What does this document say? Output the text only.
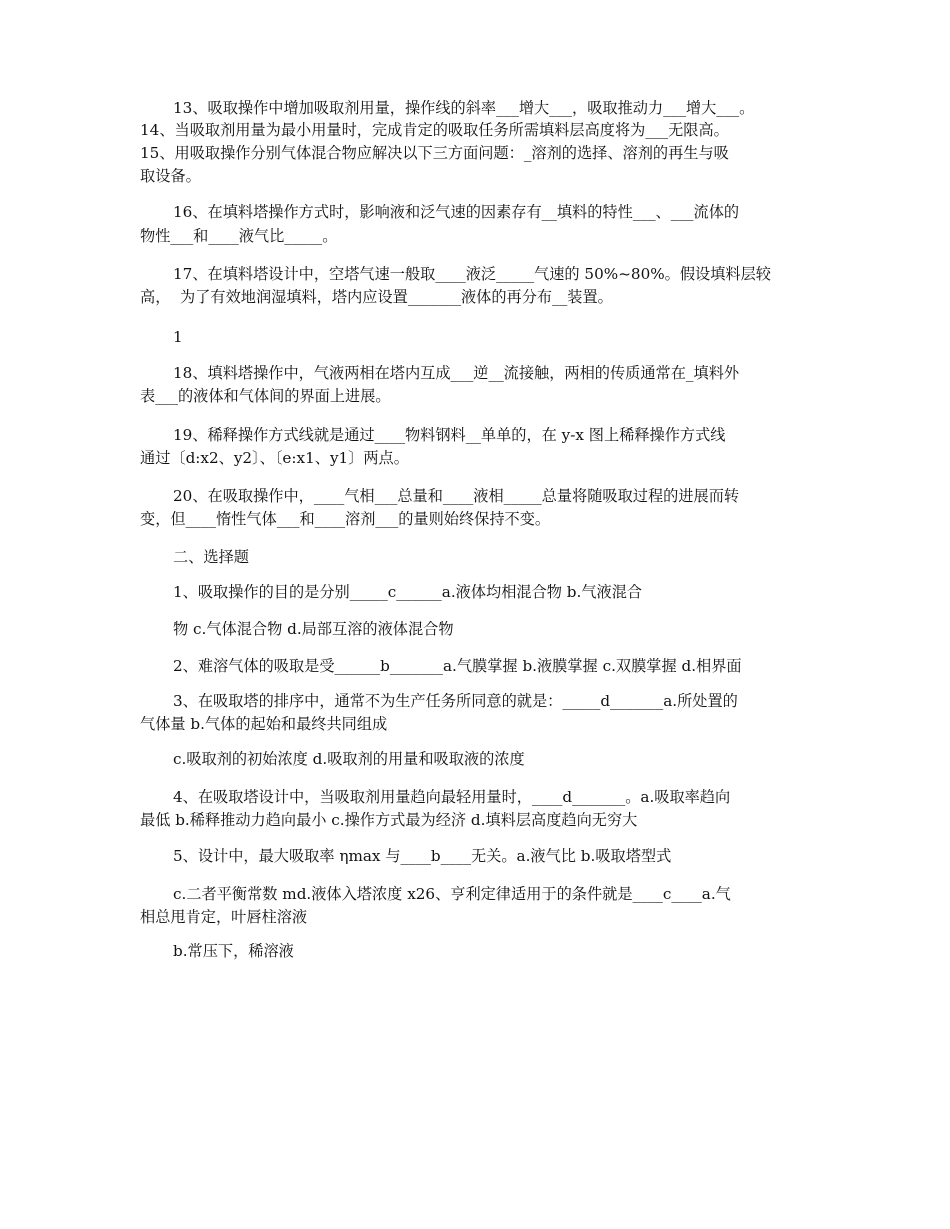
13、吸取操作中增加吸取剂用量，操作线的斜率___增大___，吸取推动力___增大___。
14、当吸取剂用量为最小用量时，完成肯定的吸取任务所需填料层高度将为___无限高。
15、用吸取操作分别气体混合物应解决以下三方面问题：_溶剂的选择、溶剂的再生与吸
取设备。
16、在填料塔操作方式时，影响液和泛气速的因素存有__填料的特性___、___流体的
物性___和____液气比_____。
17、在填料塔设计中，空塔气速一般取____液泛_____气速的 50%~80%。假设填料层较
高，  为了有效地润湿填料，塔内应设置_______液体的再分布__装置。
1
18、填料塔操作中，气液两相在塔内互成___逆__流接触，两相的传质通常在_填料外
表___的液体和气体间的界面上进展。
19、稀释操作方式线就是通过____物料钢料__单单的，在 y-x 图上稀释操作方式线
通过〔d:x2、y2〕、〔e:x1、y1〕两点。
20、在吸取操作中，____气相___总量和____液相_____总量将随吸取过程的进展而转
变，但____惰性气体___和____溶剂___的量则始终保持不变。
二、选择题
1、吸取操作的目的是分别_____c______a.液体均相混合物 b.气液混合
物 c.气体混合物 d.局部互溶的液体混合物
2、难溶气体的吸取是受______b_______a.气膜掌握 b.液膜掌握 c.双膜掌握 d.相界面
3、在吸取塔的排序中，通常不为生产任务所同意的就是：_____d_______a.所处置的
气体量 b.气体的起始和最终共同组成
c.吸取剂的初始浓度 d.吸取剂的用量和吸取液的浓度
4、在吸取塔设计中，当吸取剂用量趋向最轻用量时，____d_______。a.吸取率趋向
最低 b.稀释推动力趋向最小 c.操作方式最为经济 d.填料层高度趋向无穷大
5、设计中，最大吸取率 ηmax 与____b____无关。a.液气比 b.吸取塔型式
c.二者平衡常数 md.液体入塔浓度 x26、亨利定律适用于的条件就是____c____a.气
相总甩肯定，叶唇柱溶液
b.常压下，稀溶液
